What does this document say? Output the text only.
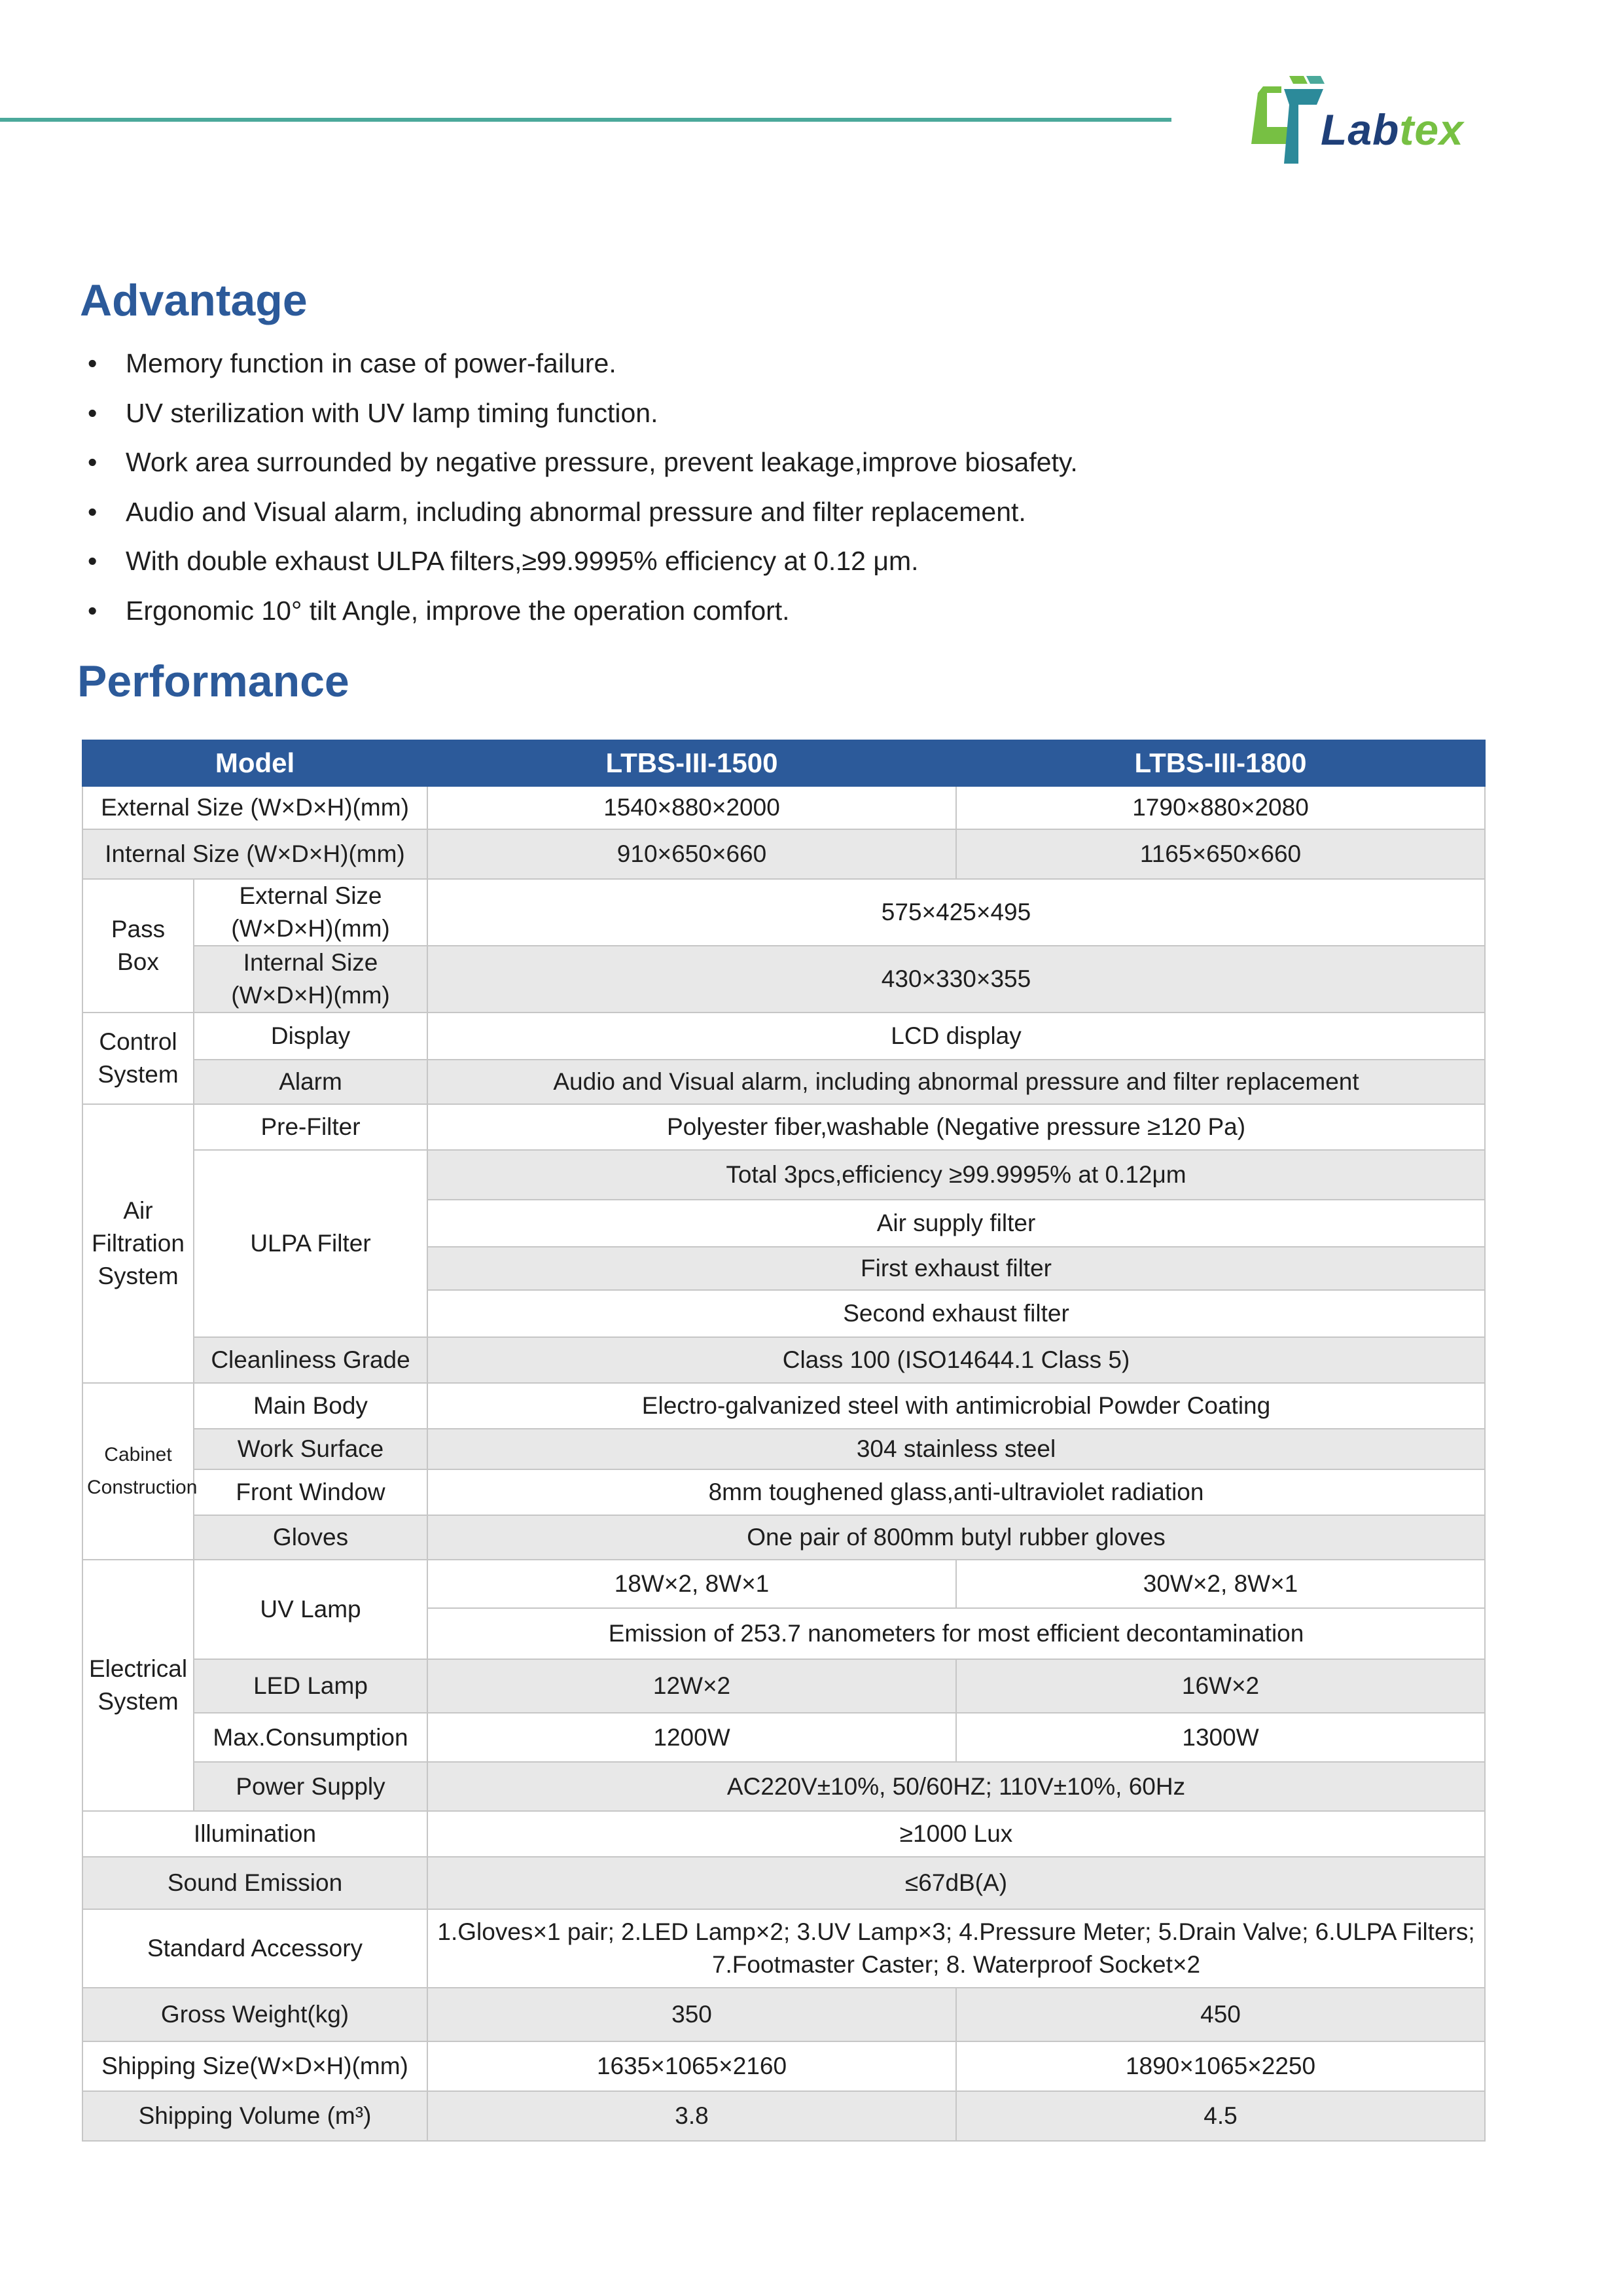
Labtex
Advantage
• Memory function in case of power-failure.
• UV sterilization with UV lamp timing function.
• Work area surrounded by negative pressure, prevent leakage,improve biosafety.
• Audio and Visual alarm, including abnormal pressure and filter replacement.
• With double exhaust ULPA filters,≥99.9995% efficiency at 0.12 μm.
• Ergonomic 10° tilt Angle, improve the operation comfort.
Performance
Model		LTBS-III-1500	LTBS-III-1800
External Size (W×D×H)(mm)		1540×880×2000	1790×880×2080
Internal Size (W×D×H)(mm)		910×650×660	1165×650×660
Pass Box	External Size (W×D×H)(mm)	575×425×495	
	Internal Size (W×D×H)(mm)	430×330×355	
Control System	Display	LCD display	
	Alarm	Audio and Visual alarm, including abnormal pressure and filter replacement	
Air Filtration System	Pre-Filter	Polyester fiber,washable (Negative pressure ≥120 Pa)	
	ULPA Filter	Total 3pcs,efficiency ≥99.9995% at 0.12μm	
		Air supply filter	
		First exhaust filter	
		Second exhaust filter	
	Cleanliness Grade	Class 100 (ISO14644.1 Class 5)	
Cabinet Construction	Main Body	Electro-galvanized steel with antimicrobial Powder Coating	
	Work Surface	304 stainless steel	
	Front Window	8mm toughened glass,anti-ultraviolet radiation	
	Gloves	One pair of 800mm butyl rubber gloves	
Electrical System	UV Lamp	18W×2, 8W×1	30W×2, 8W×1
		Emission of 253.7 nanometers for most efficient decontamination	
	LED Lamp	12W×2	16W×2
	Max.Consumption	1200W	1300W
	Power Supply	AC220V±10%, 50/60HZ; 110V±10%, 60Hz	
Illumination		≥1000 Lux	
Sound Emission		≤67dB(A)	
Standard Accessory		1.Gloves×1 pair; 2.LED Lamp×2; 3.UV Lamp×3; 4.Pressure Meter; 5.Drain Valve; 6.ULPA Filters; 7.Footmaster Caster; 8. Waterproof Socket×2	
Gross Weight(kg)		350	450
Shipping Size(W×D×H)(mm)		1635×1065×2160	1890×1065×2250
Shipping Volume (m³)		3.8	4.5
